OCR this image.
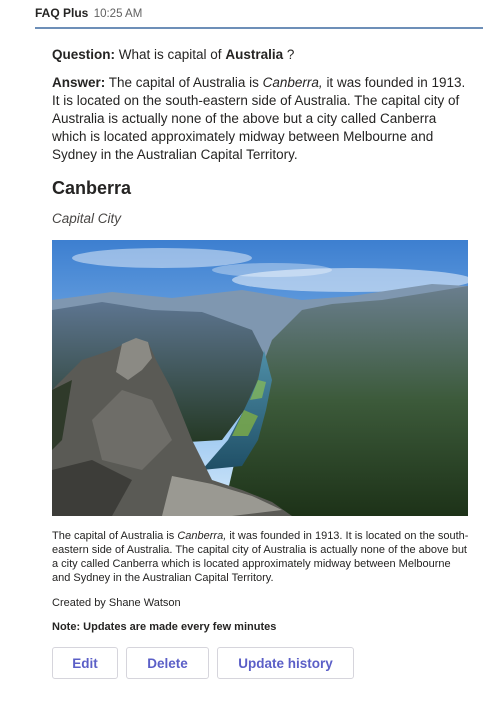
FAQ Plus 10:25 AM

Question: What is capital of Australia ?

Answer: The capital of Australia is Canberra, it was founded in 1913. It is located on the south-eastern side of Australia. The capital city of Australia is actually none of the above but a city called Canberra which is located approximately midway between Melbourne and Sydney in the Australian Capital Territory.

Canberra
Capital City

The capital of Australia is Canberra, it was founded in 1913. It is located on the south-eastern side of Australia. The capital city of Australia is actually none of the above but a city called Canberra which is located approximately midway between Melbourne and Sydney in the Australian Capital Territory.

Created by Shane Watson

Note: Updates are made every few minutes

Edit	Delete	Update history
